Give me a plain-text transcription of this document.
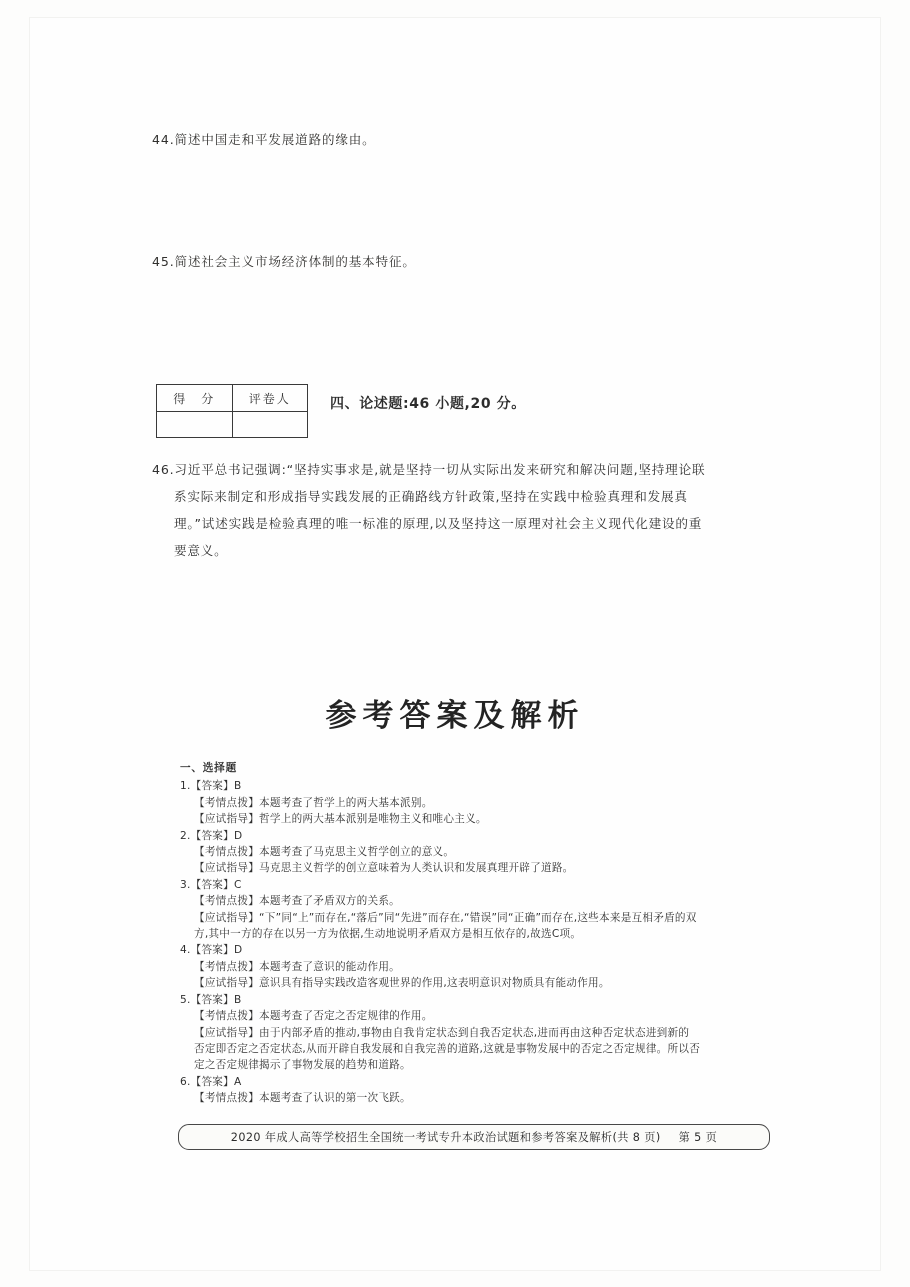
44.简述中国走和平发展道路的缘由。
45.简述社会主义市场经济体制的基本特征。
得　分	评卷人	四、论述题:46 小题,20 分。
46.习近平总书记强调:“坚持实事求是,就是坚持一切从实际出发来研究和解决问题,坚持理论联
系实际来制定和形成指导实践发展的正确路线方针政策,坚持在实践中检验真理和发展真
理。”试述实践是检验真理的唯一标准的原理,以及坚持这一原理对社会主义现代化建设的重
要意义。
参考答案及解析
一、选择题
1.【答案】B
【考情点拨】本题考查了哲学上的两大基本派别。
【应试指导】哲学上的两大基本派别是唯物主义和唯心主义。
2.【答案】D
【考情点拨】本题考查了马克思主义哲学创立的意义。
【应试指导】马克思主义哲学的创立意味着为人类认识和发展真理开辟了道路。
3.【答案】C
【考情点拨】本题考查了矛盾双方的关系。
【应试指导】“下”同“上”而存在,“落后”同“先进”而存在,“错误”同“正确”而存在,这些本来是互相矛盾的双
方,其中一方的存在以另一方为依据,生动地说明矛盾双方是相互依存的,故选C项。
4.【答案】D
【考情点拨】本题考查了意识的能动作用。
【应试指导】意识具有指导实践改造客观世界的作用,这表明意识对物质具有能动作用。
5.【答案】B
【考情点拨】本题考查了否定之否定规律的作用。
【应试指导】由于内部矛盾的推动,事物由自我肯定状态到自我否定状态,进而再由这种否定状态进到新的
否定即否定之否定状态,从而开辟自我发展和自我完善的道路,这就是事物发展中的否定之否定规律。所以否
定之否定规律揭示了事物发展的趋势和道路。
6.【答案】A
【考情点拨】本题考查了认识的第一次飞跃。
2020 年成人高等学校招生全国统一考试专升本政治试题和参考答案及解析(共 8 页) 第 5 页
